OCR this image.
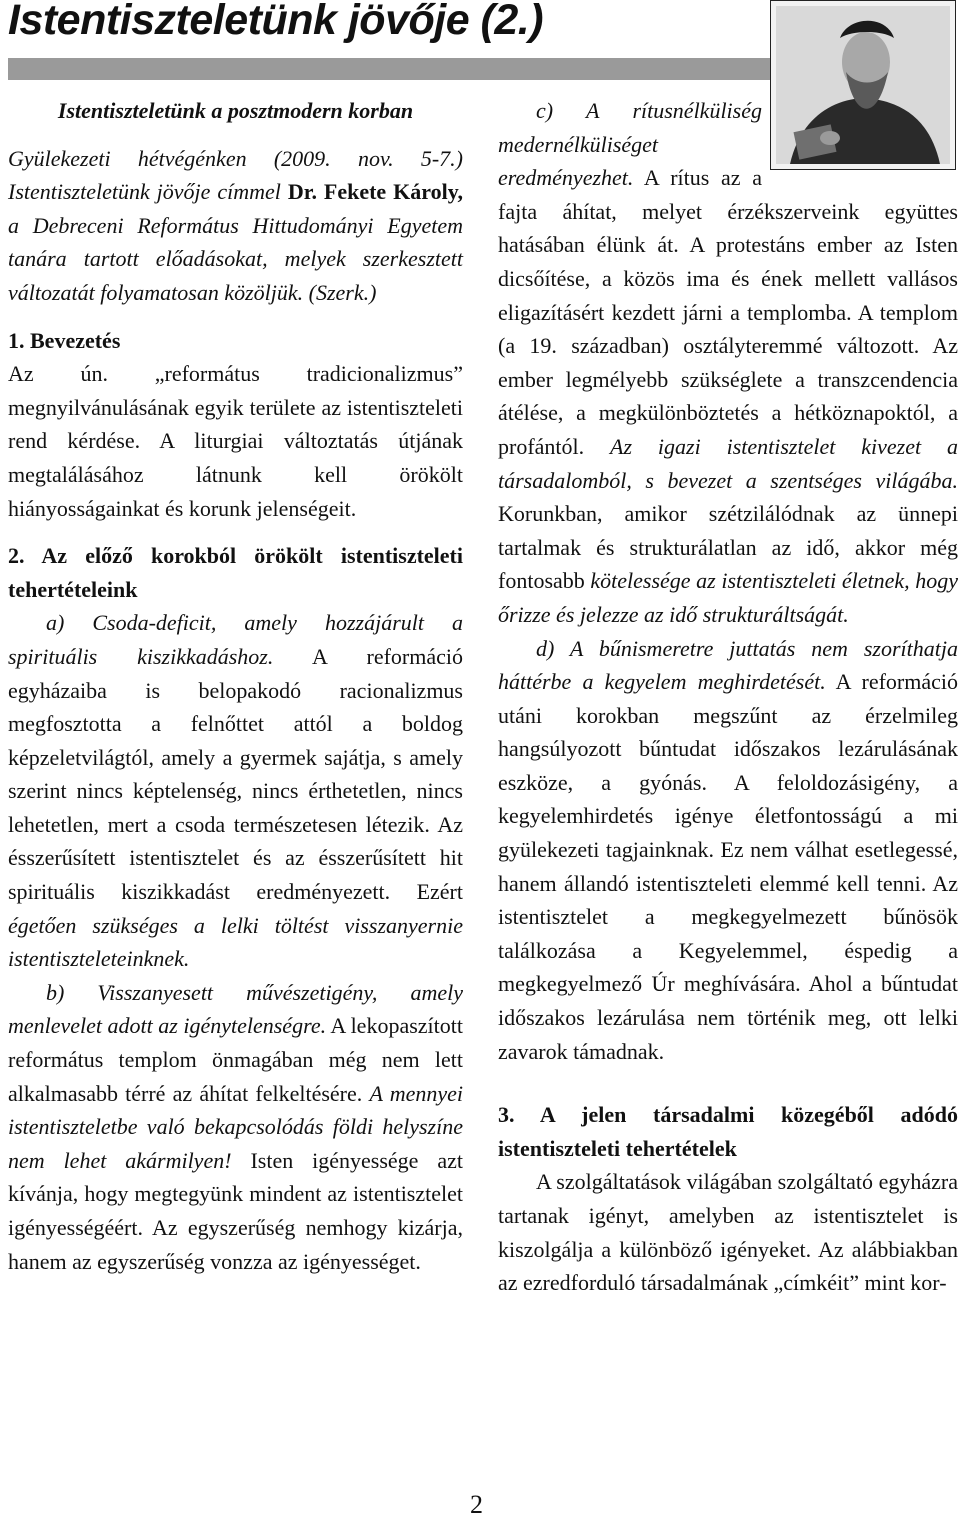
Istentiszteletünk jövője (2.)

Istentiszteletünk a posztmodern korban

Gyülekezeti hétvégénken (2009. nov. 5-7.) Istentiszteletünk jövője címmel Dr. Fekete Károly, a Debreceni Református Hittudományi Egyetem tanára tartott előadásokat, melyek szerkesztett változatát folyamatosan közöljük. (Szerk.)

1. Bevezetés

Az ún. „református tradicionalizmus” megnyilvánulásának egyik területe az istentiszteleti rend kérdése. A liturgiai változtatás útjának megtalálásához látnunk kell örökölt hiányosságainkat és korunk jelenségeit.

2. Az előző korokból örökölt istentiszteleti tehertételeink

a) Csoda-deficit, amely hozzájárult a spirituális kiszikkadáshoz. A reformáció egyházaiba is belopakodó racionalizmus megfosztotta a felnőttet attól a boldog képzeletvilágtól, amely a gyermek sajátja, s amely szerint nincs képtelenség, nincs érthetetlen, nincs lehetetlen, mert a csoda természetesen létezik. Az ésszerűsített istentisztelet és az ésszerűsített hit spirituális kiszikkadást eredményezett. Ezért égetően szükséges a lelki töltést visszanyernie istentiszteleteinknek.

b) Visszanyesett művészetigény, amely menlevelet adott az igénytelenségre. A lekopaszított református templom önmagában még nem lett alkalmasabb térré az áhítat felkeltésére. A mennyei istentiszteletbe való bekapcsolódás földi helyszíne nem lehet akármilyen! Isten igényessége azt kívánja, hogy megtegyünk mindent az istentisztelet igényességéért. Az egyszerűség nemhogy kizárja, hanem az egyszerűség vonzza az igényességet.

c) A rítusnélküliség medernélküliséget eredményezhet. A rítus az a fajta áhítat, melyet érzékszerveink együttes hatásában élünk át. A protestáns ember az Isten dicsőítése, a közös ima és ének mellett vallásos eligazításért kezdett járni a templomba. A templom (a 19. században) osztályteremmé változott. Az ember legmélyebb szükséglete a transzcendencia átélése, a megkülönböztetés a hétköznapoktól, a profántól. Az igazi istentisztelet kivezet a társadalomból, s bevezet a szentséges világába. Korunkban, amikor szétzilálódnak az ünnepi tartalmak és strukturálatlan az idő, akkor még fontosabb kötelessége az istentiszteleti életnek, hogy őrizze és jelezze az idő strukturáltságát.

d) A bűnismeretre juttatás nem szoríthatja háttérbe a kegyelem meghirdetését. A reformáció utáni korokban megszűnt az érzelmileg hangsúlyozott bűntudat időszakos lezárulásának eszköze, a gyónás. A feloldozásigény, a kegyelemhirdetés igénye életfontosságú a mi gyülekezeti tagjainknak. Ez nem válhat esetlegessé, hanem állandó istentiszteleti elemmé kell tenni. Az istentisztelet a megkegyelmezett bűnösök találkozása a Kegyelemmel, éspedig a megkegyelmező Úr meghívására. Ahol a bűntudat időszakos lezárulása nem történik meg, ott lelki zavarok támadnak.

3. A jelen társadalmi közegéből adódó istentiszteleti tehertételek

A szolgáltatások világában szolgáltató egyházra tartanak igényt, amelyben az istentisztelet is kiszolgálja a különböző igényeket. Az alábbiakban az ezredforduló társadalmának „címkéit” mint kor-

2
